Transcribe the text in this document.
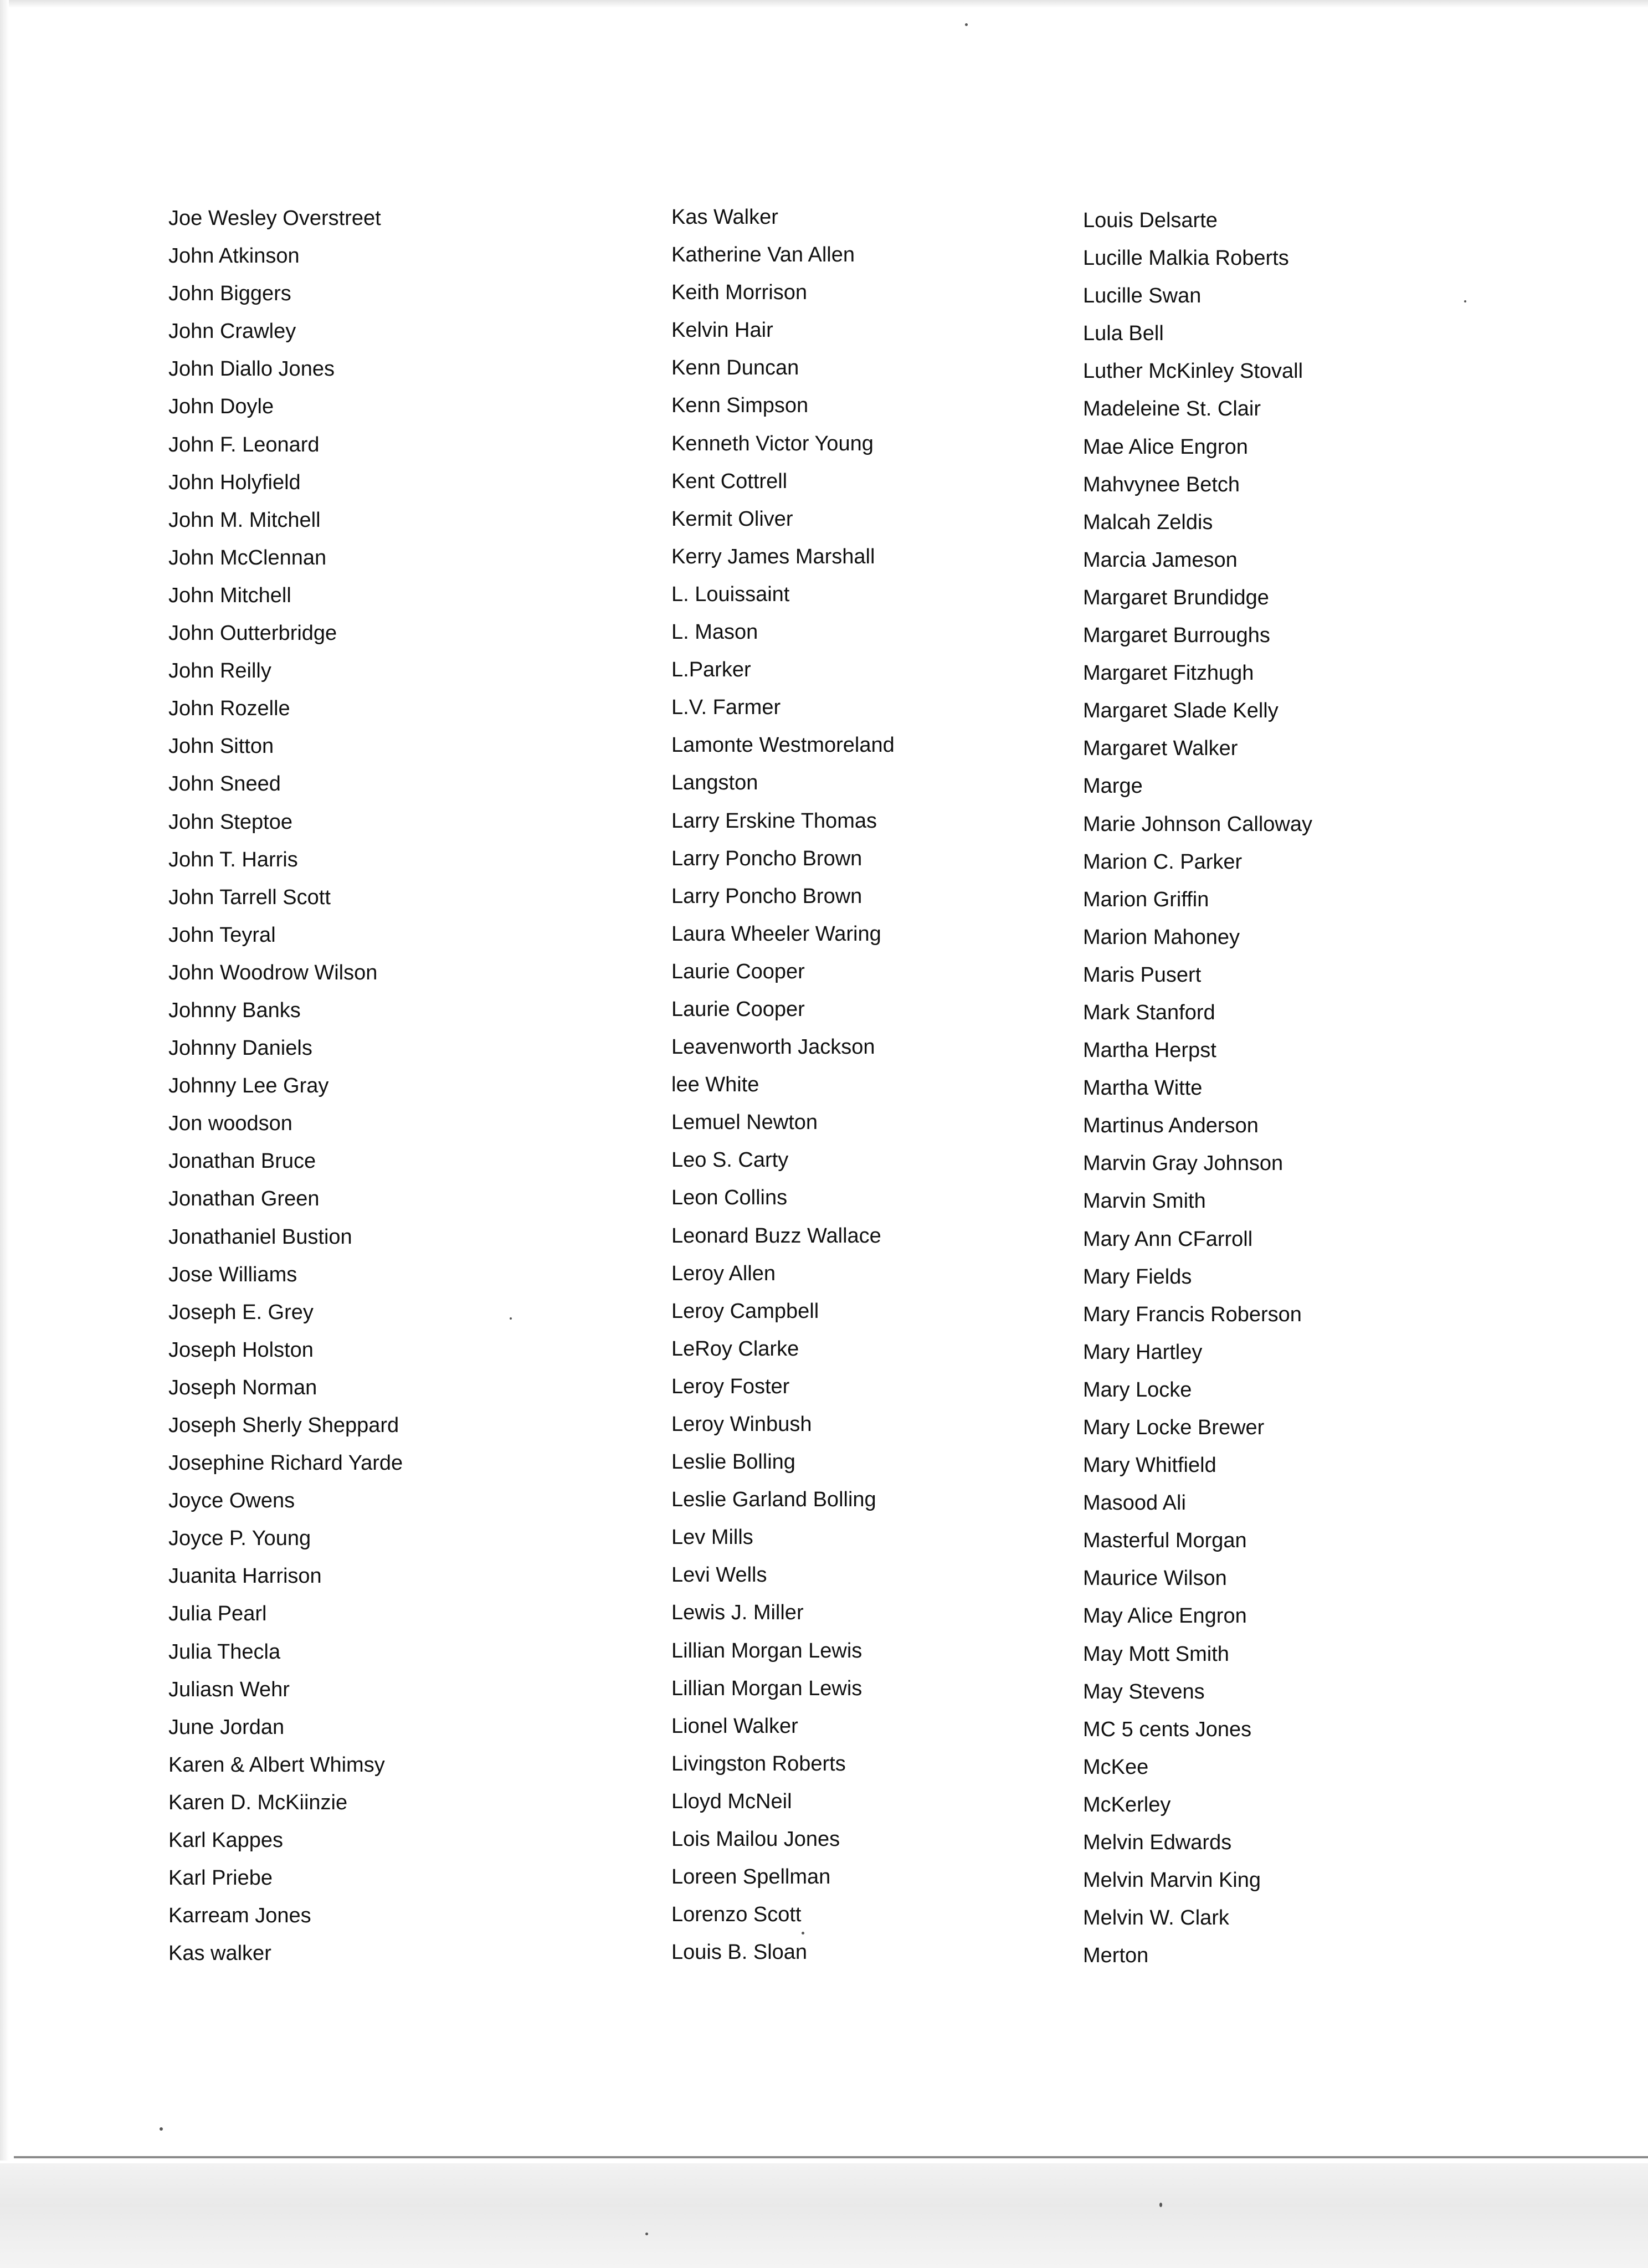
Joe Wesley Overstreet
John Atkinson
John Biggers
John Crawley
John Diallo Jones
John Doyle
John F. Leonard
John Holyfield
John M. Mitchell
John McClennan
John Mitchell
John Outterbridge
John Reilly
John Rozelle
John Sitton
John Sneed
John Steptoe
John T. Harris
John Tarrell Scott
John Teyral
John Woodrow Wilson
Johnny Banks
Johnny Daniels
Johnny Lee Gray
Jon woodson
Jonathan Bruce
Jonathan Green
Jonathaniel Bustion
Jose Williams
Joseph E. Grey
Joseph Holston
Joseph Norman
Joseph Sherly Sheppard
Josephine Richard Yarde
Joyce Owens
Joyce P. Young
Juanita Harrison
Julia Pearl
Julia Thecla
Juliasn Wehr
June Jordan
Karen & Albert Whimsy
Karen D. McKiinzie
Karl Kappes
Karl Priebe
Karream Jones
Kas walker
Kas Walker
Katherine Van Allen
Keith Morrison
Kelvin Hair
Kenn Duncan
Kenn Simpson
Kenneth Victor Young
Kent Cottrell
Kermit Oliver
Kerry James Marshall
L. Louissaint
L. Mason
L.Parker
L.V. Farmer
Lamonte Westmoreland
Langston
Larry Erskine Thomas
Larry Poncho Brown
Larry Poncho Brown
Laura Wheeler Waring
Laurie Cooper
Laurie Cooper
Leavenworth Jackson
lee White
Lemuel Newton
Leo S. Carty
Leon Collins
Leonard Buzz Wallace
Leroy Allen
Leroy Campbell
LeRoy Clarke
Leroy Foster
Leroy Winbush
Leslie Bolling
Leslie Garland Bolling
Lev Mills
Levi Wells
Lewis J. Miller
Lillian Morgan Lewis
Lillian Morgan Lewis
Lionel Walker
Livingston Roberts
Lloyd McNeil
Lois Mailou Jones
Loreen Spellman
Lorenzo Scott
Louis B. Sloan
Louis Delsarte
Lucille Malkia Roberts
Lucille Swan
Lula Bell
Luther McKinley Stovall
Madeleine St. Clair
Mae Alice Engron
Mahvynee Betch
Malcah Zeldis
Marcia Jameson
Margaret Brundidge
Margaret Burroughs
Margaret Fitzhugh
Margaret Slade Kelly
Margaret Walker
Marge
Marie Johnson Calloway
Marion C. Parker
Marion Griffin
Marion Mahoney
Maris Pusert
Mark Stanford
Martha Herpst
Martha Witte
Martinus Anderson
Marvin Gray Johnson
Marvin Smith
Mary Ann CFarroll
Mary Fields
Mary Francis Roberson
Mary Hartley
Mary Locke
Mary Locke Brewer
Mary Whitfield
Masood Ali
Masterful Morgan
Maurice Wilson
May Alice Engron
May Mott Smith
May Stevens
MC 5 cents Jones
McKee
McKerley
Melvin Edwards
Melvin Marvin King
Melvin W. Clark
Merton
